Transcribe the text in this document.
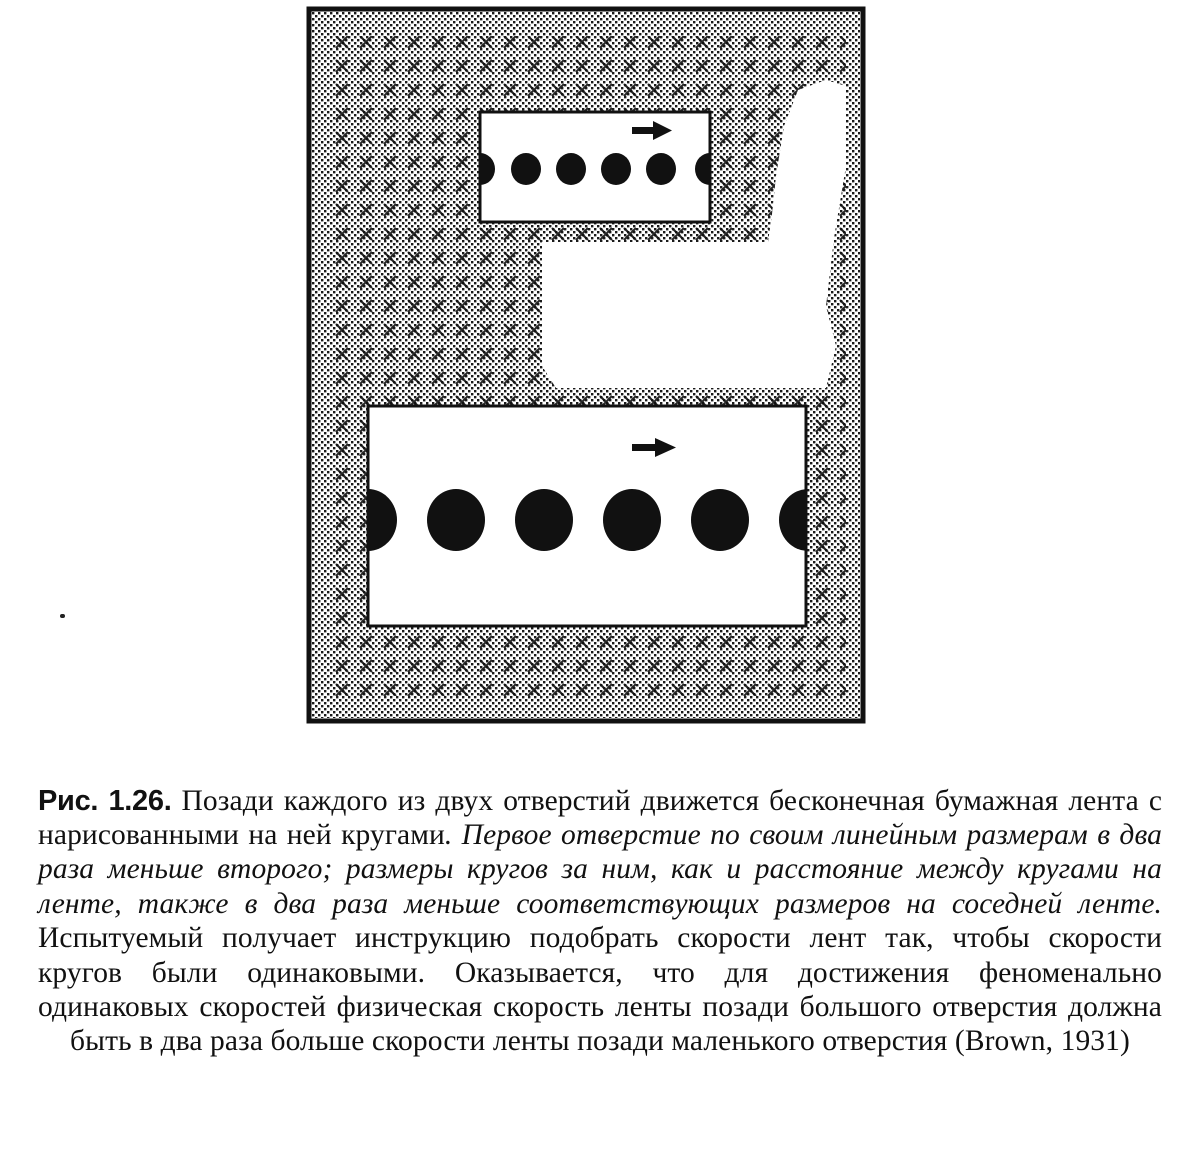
Рис. 1.26. Позади каждого из двух отверстий движется бесконечная бумажная лента с нарисованными на ней кругами. Первое отверстие по своим линейным размерам в два раза меньше второго; размеры кругов за ним, как и расстояние между кругами на ленте, также в два раза меньше соответствующих размеров на соседней ленте. Испытуемый получает инструкцию подобрать скорости лент так, чтобы скорости кругов были одинаковыми. Оказывается, что для достижения феноменально одинаковых скоростей физическая скорость ленты позади большого отверстия должна быть в два раза больше скорости ленты позади маленького отверстия (Brown, 1931)
